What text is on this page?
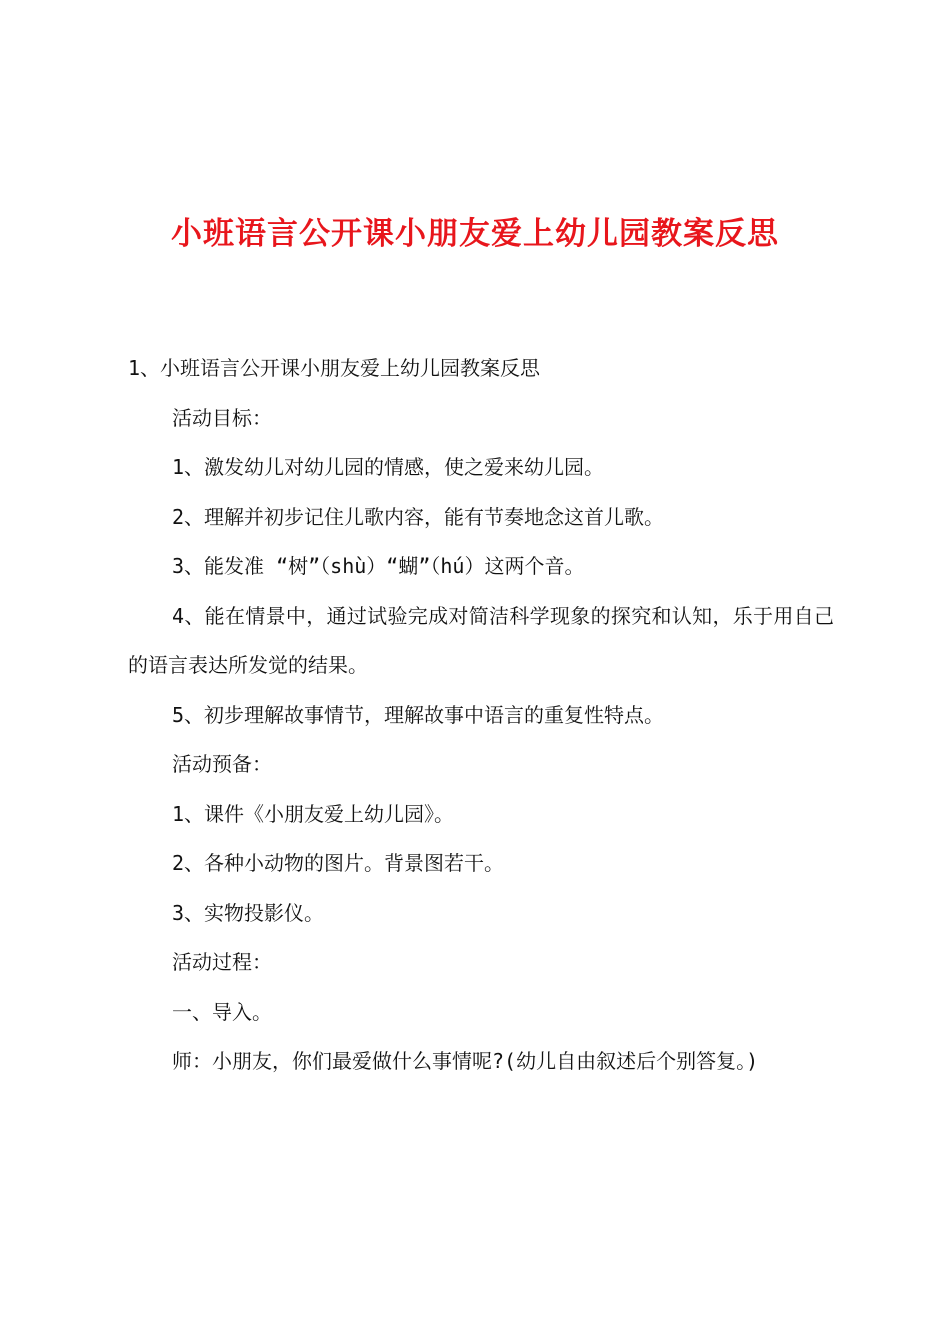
小班语言公开课小朋友爱上幼儿园教案反思

1、小班语言公开课小朋友爱上幼儿园教案反思

活动目标：

1、激发幼儿对幼儿园的情感，使之爱来幼儿园。

2、理解并初步记住儿歌内容，能有节奏地念这首儿歌。

3、能发准 “树”（shù）“蝴”（hú）这两个音。

4、能在情景中，通过试验完成对简洁科学现象的探究和认知，乐于用自己的语言表达所发觉的结果。

5、初步理解故事情节，理解故事中语言的重复性特点。

活动预备：

1、课件《小朋友爱上幼儿园》。

2、各种小动物的图片。背景图若干。

3、实物投影仪。

活动过程：

一、导入。

师：小朋友，你们最爱做什么事情呢?(幼儿自由叙述后个别答复。)
